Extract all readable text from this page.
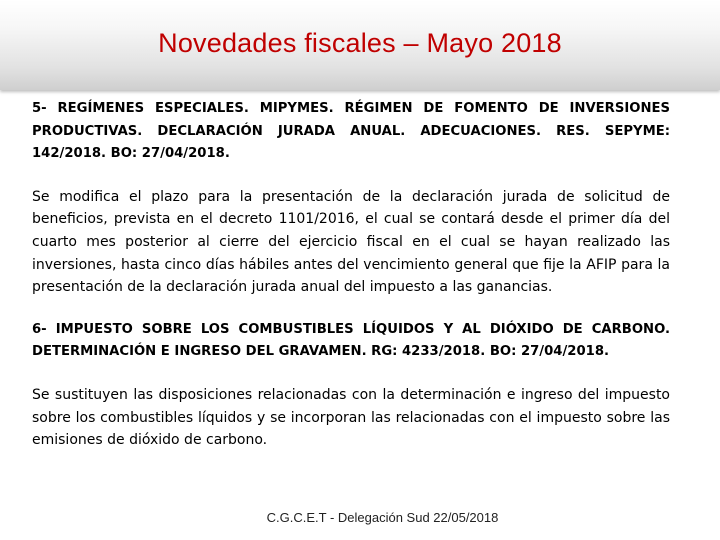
Novedades fiscales – Mayo 2018

5- REGÍMENES ESPECIALES. MIPYMES. RÉGIMEN DE FOMENTO DE INVERSIONES PRODUCTIVAS. DECLARACIÓN JURADA ANUAL. ADECUACIONES. RES. SEPYME: 142/2018. BO: 27/04/2018.

Se modifica el plazo para la presentación de la declaración jurada de solicitud de beneficios, prevista en el decreto 1101/2016, el cual se contará desde el primer día del cuarto mes posterior al cierre del ejercicio fiscal en el cual se hayan realizado las inversiones, hasta cinco días hábiles antes del vencimiento general que fije la AFIP para la presentación de la declaración jurada anual del impuesto a las ganancias.

6- IMPUESTO SOBRE LOS COMBUSTIBLES LÍQUIDOS Y AL DIÓXIDO DE CARBONO. DETERMINACIÓN E INGRESO DEL GRAVAMEN. RG: 4233/2018. BO: 27/04/2018.

Se sustituyen las disposiciones relacionadas con la determinación e ingreso del impuesto sobre los combustibles líquidos y se incorporan las relacionadas con el impuesto sobre las emisiones de dióxido de carbono.

C.G.C.E.T - Delegación Sud 22/05/2018
